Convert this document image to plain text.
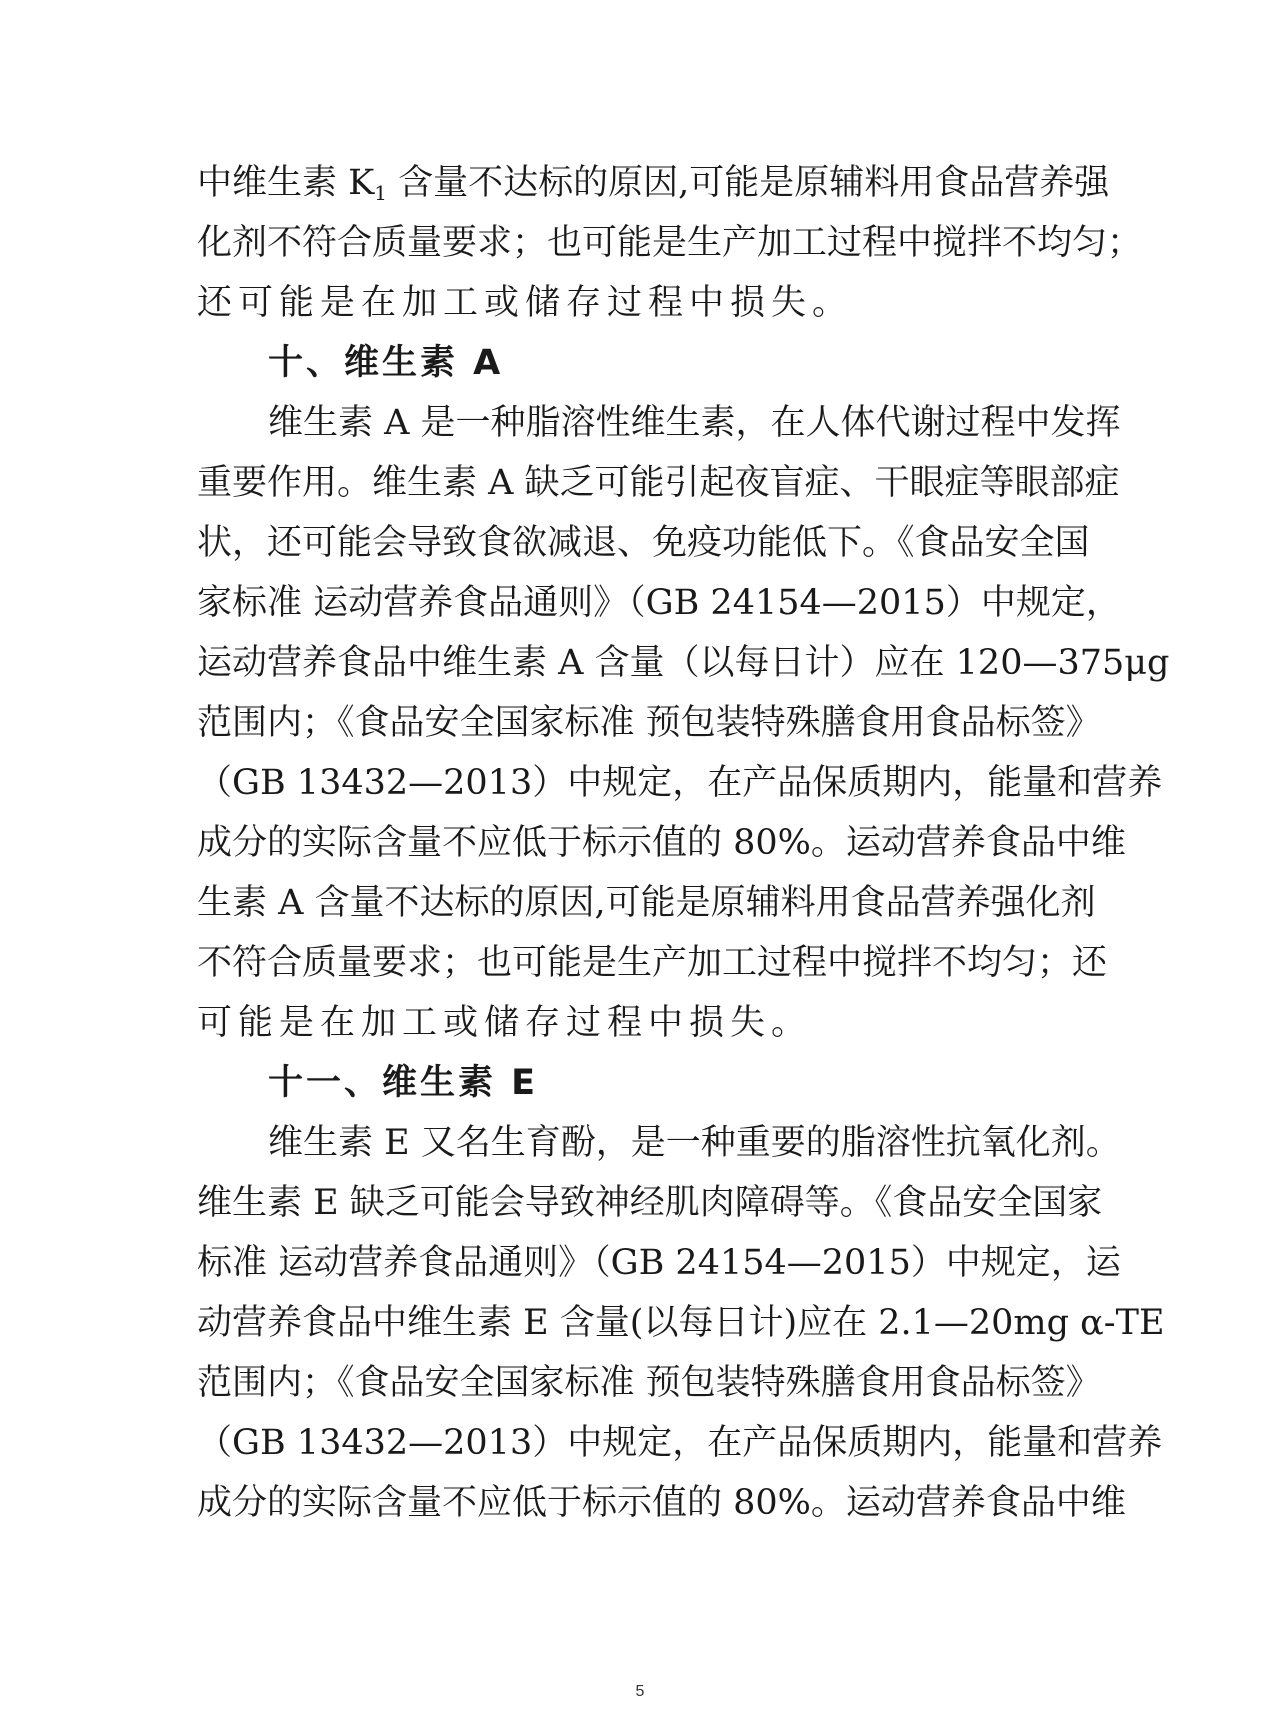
中维生素 $K_1$ 含量不达标的原因,可能是原辅料用食品营养强
化剂不符合质量要求；也可能是生产加工过程中搅拌不均匀；
还可能是在加工或储存过程中损失。
十、维生素 A
维生素 A 是一种脂溶性维生素，在人体代谢过程中发挥
重要作用。维生素 A 缺乏可能引起夜盲症、干眼症等眼部症
状，还可能会导致食欲减退、免疫功能低下。《食品安全国
家标准 运动营养食品通则》（GB 24154—2015）中规定，
运动营养食品中维生素 A 含量（以每日计）应在 120—375μg
范围内；《食品安全国家标准 预包装特殊膳食用食品标签》
（GB 13432—2013）中规定，在产品保质期内，能量和营养
成分的实际含量不应低于标示值的 80%。运动营养食品中维
生素 A 含量不达标的原因,可能是原辅料用食品营养强化剂
不符合质量要求；也可能是生产加工过程中搅拌不均匀；还
可能是在加工或储存过程中损失。
十一、维生素 E
维生素 E 又名生育酚，是一种重要的脂溶性抗氧化剂。
维生素 E 缺乏可能会导致神经肌肉障碍等。《食品安全国家
标准 运动营养食品通则》（GB 24154—2015）中规定，运
动营养食品中维生素 E 含量(以每日计)应在 2.1—20mg α-TE
范围内；《食品安全国家标准 预包装特殊膳食用食品标签》
（GB 13432—2013）中规定，在产品保质期内，能量和营养
成分的实际含量不应低于标示值的 80%。运动营养食品中维
5
